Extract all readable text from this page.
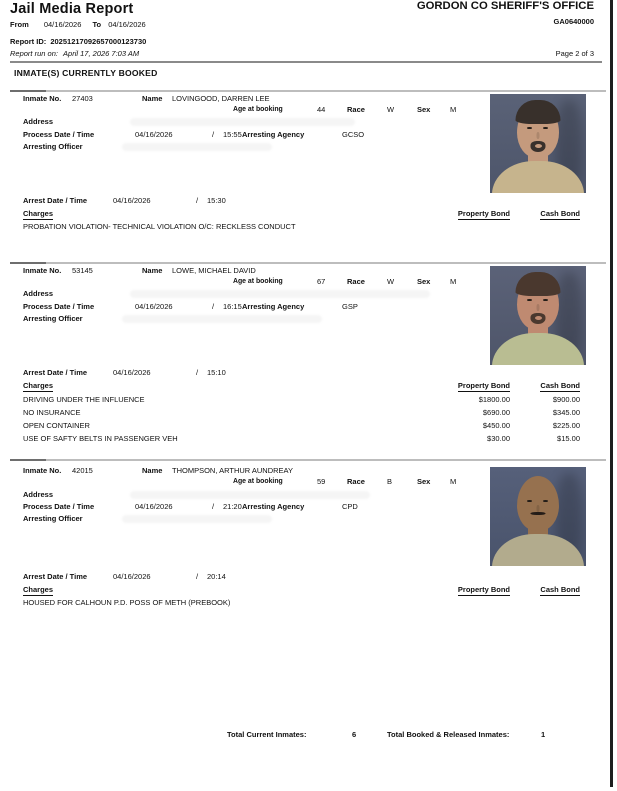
Jail Media Report
From 04/16/2026 To 04/16/2026
GORDON CO SHERIFF'S OFFICE
GA0640000
Report ID: 20251217092657000123730
Report run on: April 17, 2026 7:03 AM	Page 2 of 3
INMATE(S) CURRENTLY BOOKED
Inmate No. 27403	Name LOVINGOOD, DARREN LEE
Age at booking	44	Race	W	Sex	M
Address
Process Date / Time	04/16/2026	/ 15:55 Arresting Agency	GCSO
Arresting Officer
Arrest Date / Time	04/16/2026	/ 15:30
Charges	Property Bond	Cash Bond
PROBATION VIOLATION- TECHNICAL VIOLATION O/C: RECKLESS CONDUCT
Inmate No. 53145	Name LOWE, MICHAEL DAVID
Age at booking	67	Race	W	Sex	M
Address
Process Date / Time	04/16/2026	/ 16:15 Arresting Agency	GSP
Arresting Officer
Arrest Date / Time	04/16/2026	/ 15:10
Charges	Property Bond	Cash Bond
DRIVING UNDER THE INFLUENCE	$1800.00	$900.00
NO INSURANCE	$690.00	$345.00
OPEN CONTAINER	$450.00	$225.00
USE OF SAFTY BELTS IN PASSENGER VEH	$30.00	$15.00
Inmate No. 42015	Name THOMPSON, ARTHUR AUNDREAY
Age at booking	59	Race	B	Sex	M
Address
Process Date / Time	04/16/2026	/ 21:20 Arresting Agency	CPD
Arresting Officer
Arrest Date / Time	04/16/2026	/ 20:14
Charges	Property Bond	Cash Bond
HOUSED FOR CALHOUN P.D. POSS OF METH (PREBOOK)
Total Current Inmates:	6	Total Booked & Released Inmates:	1
